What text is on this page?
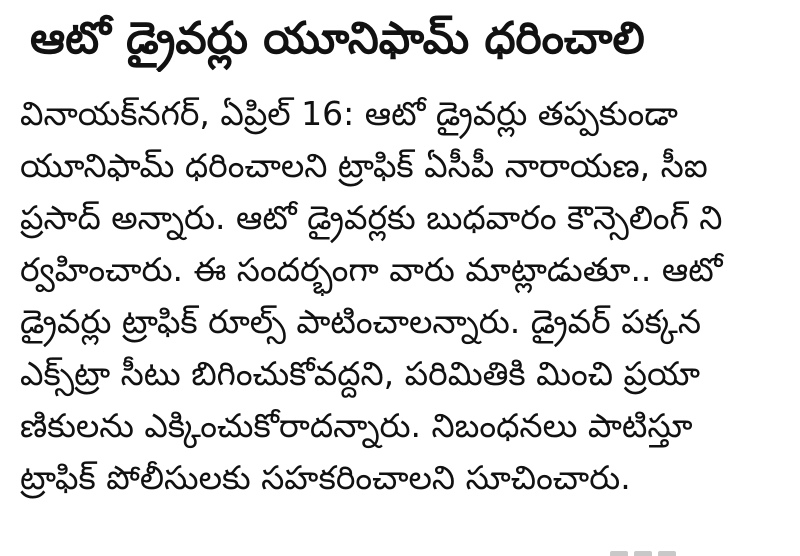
ఆటో డ్రైవర్లు యూనిఫామ్ ధరించాలి
వినాయక్‌నగర్, ఏప్రిల్ 16: ఆటో డ్రైవర్లు తప్పకుండా
యూనిఫామ్ ధరించాలని ట్రాఫిక్ ఏసీపీ నారాయణ, సీఐ
ప్రసాద్ అన్నారు. ఆటో డ్రైవర్లకు బుధవారం కౌన్సెలింగ్ ని
ర్వహించారు. ఈ సందర్భంగా వారు మాట్లాడుతూ.. ఆటో
డ్రైవర్లు ట్రాఫిక్ రూల్స్ పాటించాలన్నారు. డ్రైవర్ పక్కన
ఎక్స్‌ట్రా సీటు బిగించుకోవద్దని, పరిమితికి మించి ప్రయా
ణికులను ఎక్కించుకోరాదన్నారు. నిబంధనలు పాటిస్తూ
ట్రాఫిక్ పోలీసులకు సహకరించాలని సూచించారు.
